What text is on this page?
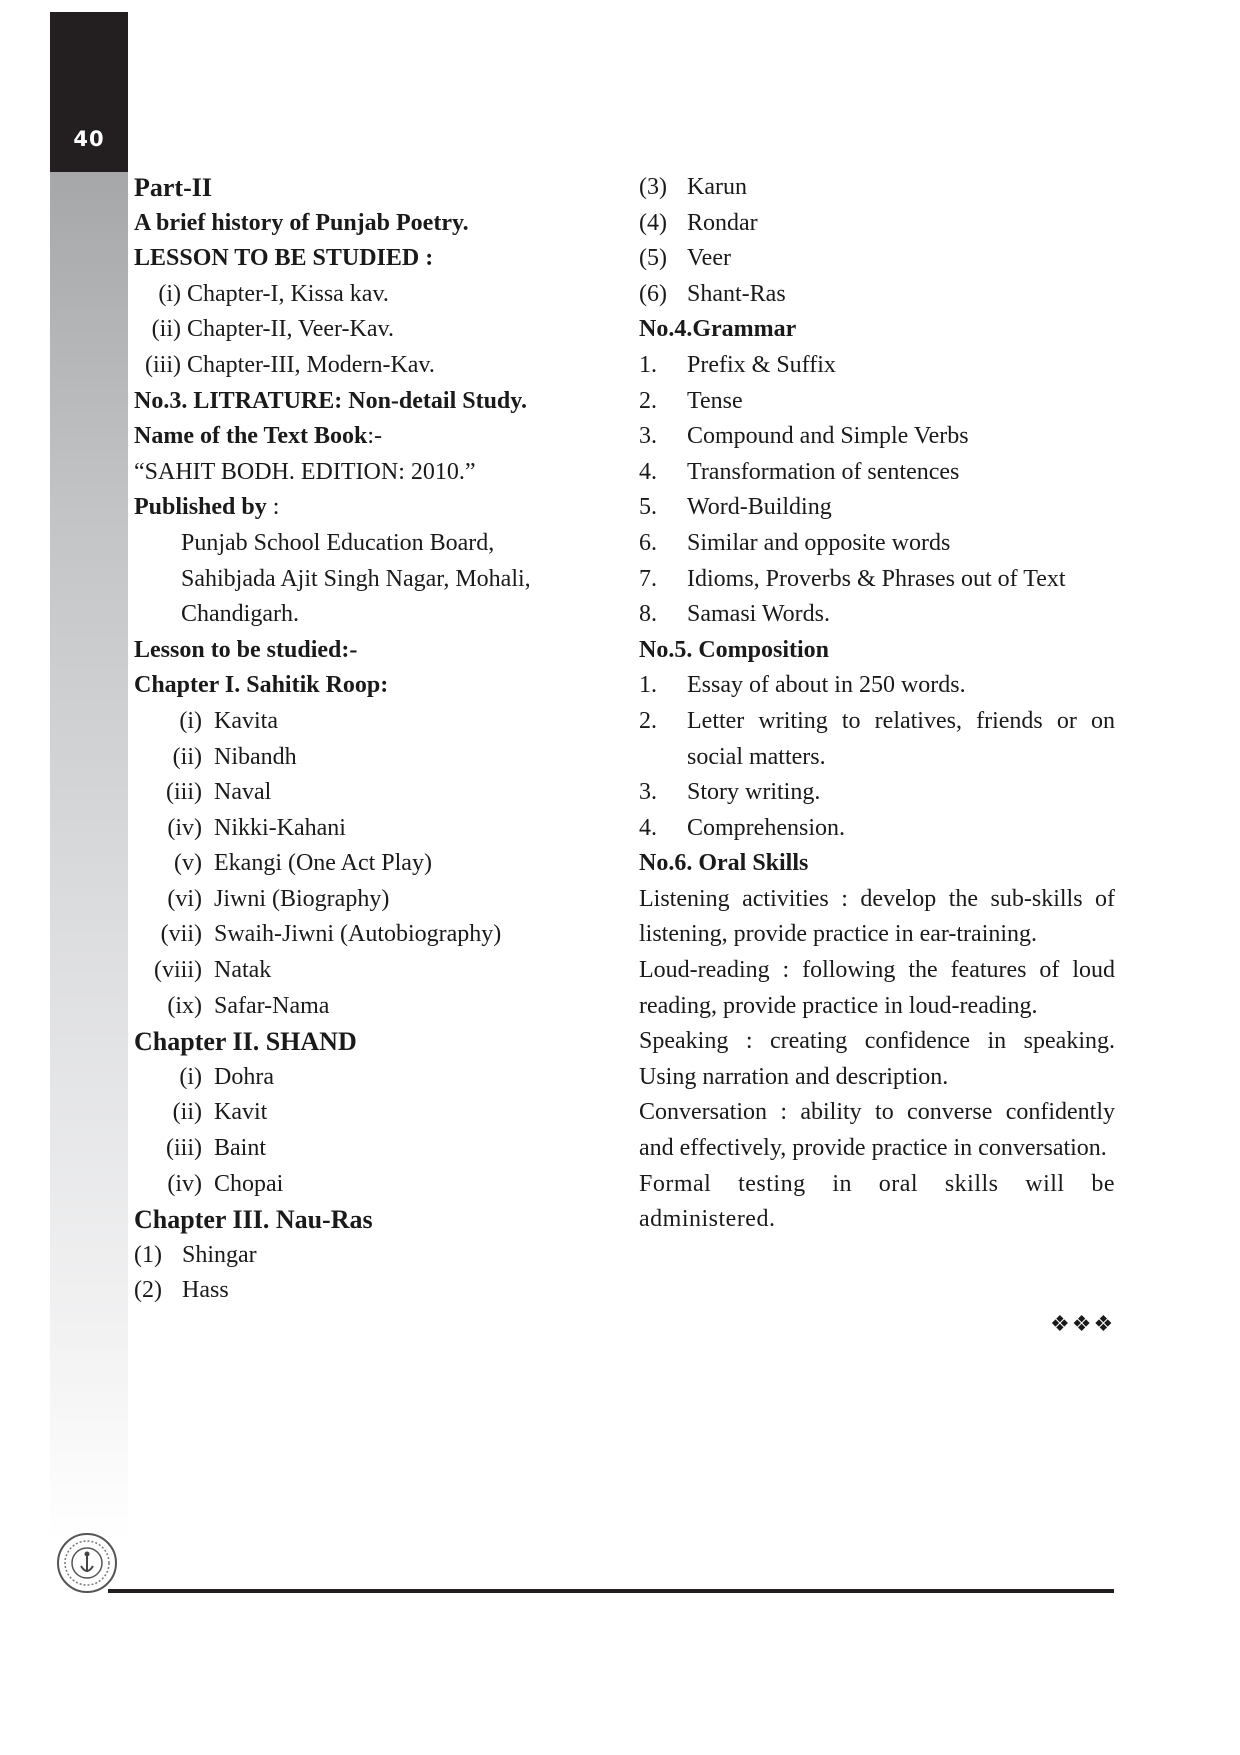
40
Part-II
A brief history of Punjab Poetry.
LESSON TO BE STUDIED :
(i) Chapter-I, Kissa kav.
(ii) Chapter-II, Veer-Kav.
(iii) Chapter-III, Modern-Kav.
No.3. LITRATURE: Non-detail Study.
Name of the Text Book:-
“SAHIT BODH. EDITION: 2010.”
Published by :
Punjab School Education Board,
Sahibjada Ajit Singh Nagar, Mohali,
Chandigarh.
Lesson to be studied:-
Chapter I. Sahitik Roop:
(i) Kavita
(ii) Nibandh
(iii) Naval
(iv) Nikki-Kahani
(v) Ekangi (One Act Play)
(vi) Jiwni (Biography)
(vii) Swaih-Jiwni (Autobiography)
(viii) Natak
(ix) Safar-Nama
Chapter II. SHAND
(i) Dohra
(ii) Kavit
(iii) Baint
(iv) Chopai
Chapter III. Nau-Ras
(1) Shingar
(2) Hass
(3) Karun
(4) Rondar
(5) Veer
(6) Shant-Ras
No.4.Grammar
1.	Prefix & Suffix
2.	Tense
3.	Compound and Simple Verbs
4.	Transformation of sentences
5.	Word-Building
6.	Similar and opposite words
7.	Idioms, Proverbs & Phrases out of Text
8.	Samasi Words.
No.5. Composition
1.	Essay of about in 250 words.
2.	Letter writing to relatives, friends or on
social matters.
3.	Story writing.
4.	Comprehension.
No.6. Oral Skills

Listening activities : develop the sub-skills of listening, provide practice in ear-training.

Loud-reading : following the features of loud reading, provide practice in loud-reading.

Speaking : creating confidence in speaking. Using narration and description.

Conversation : ability to converse confidently and effectively, provide practice in conversation.

Formal testing in oral skills will be administered.

❖❖❖
